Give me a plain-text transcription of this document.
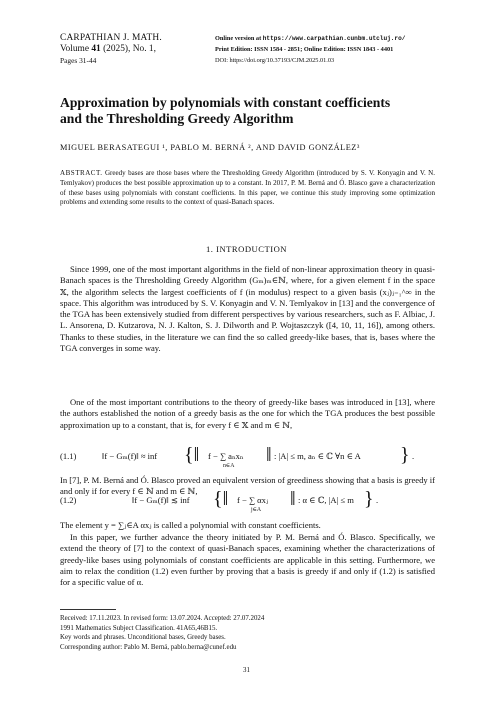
CARPATHIAN J. MATH.
Volume 41 (2025), No. 1,
Pages 31-44
Online version at https://www.carpathian.cunbm.utcluj.ro/
Print Edition: ISSN 1584 - 2851; Online Edition: ISSN 1843 - 4401
DOI: https://doi.org/10.37193/CJM.2025.01.03
Approximation by polynomials with constant coefficients
and the Thresholding Greedy Algorithm
MIGUEL BERASATEGUI ¹, PABLO M. BERNÁ ², AND DAVID GONZÁLEZ³
ABSTRACT. Greedy bases are those bases where the Thresholding Greedy Algorithm (introduced by S. V. Konyagin and V. N. Temlyakov) produces the best possible approximation up to a constant. In 2017, P. M. Berná and Ó. Blasco gave a characterization of these bases using polynomials with constant coefficients. In this paper, we continue this study improving some optimization problems and extending some results to the context of quasi-Banach spaces.
1. INTRODUCTION
Since 1999, one of the most important algorithms in the field of non-linear approximation theory in quasi-Banach spaces is the Thresholding Greedy Algorithm (Gₘ)ₘ∈ℕ, where, for a given element f in the space 𝕏, the algorithm selects the largest coefficients of f (in modulus) respect to a given basis (xⱼ)ⱼ₌₁^∞ in the space. This algorithm was introduced by S. V. Konyagin and V. N. Temlyakov in [13] and the convergence of the TGA has been extensively studied from different perspectives by various researchers, such as F. Albiac, J. L. Ansorena, D. Kutzarova, N. J. Kalton, S. J. Dilworth and P. Wojtaszczyk ([4, 10, 11, 16]), among others. Thanks to these studies, in the literature we can find the so called greedy-like bases, that is, bases where the TGA converges in some way.
One of the most important contributions to the theory of greedy-like bases was introduced in [13], where the authors established the notion of a greedy basis as the one for which the TGA produces the best possible approximation up to a constant, that is, for every f ∈ 𝕏 and m ∈ ℕ,
(1.1)	‖f − Gₘ(f)‖ ≈ inf {‖ f − ∑ aₙxₙ
n∈A ‖ : |A| ≤ m, aₙ ∈ ℂ ∀n ∈ A } .
In [7], P. M. Berná and Ó. Blasco proved an equivalent version of greediness showing that a basis is greedy if and only if for every f ∈ ℕ and m ∈ ℕ,
(1.2)	‖f − Gₘ(f)‖ ≲ inf {‖ f − ∑ αxⱼ
j∈A ‖ : α ∈ ℂ, |A| ≤ m } .
The element y = ∑ⱼ∈A αxⱼ is called a polynomial with constant coefficients.
In this paper, we further advance the theory initiated by P. M. Berná and Ó. Blasco. Specifically, we extend the theory of [7] to the context of quasi-Banach spaces, examining whether the characterizations of greedy-like bases using polynomials of constant coefficients are applicable in this setting. Furthermore, we aim to relax the condition (1.2) even further by proving that a basis is greedy if and only if (1.2) is satisfied for a specific value of α.
Received: 17.11.2023. In revised form: 13.07.2024. Accepted: 27.07.2024
1991 Mathematics Subject Classification. 41A65,46B15.
Key words and phrases. Unconditional bases, Greedy bases.
Corresponding author: Pablo M. Berná, pablo.berna@cunef.edu
31
